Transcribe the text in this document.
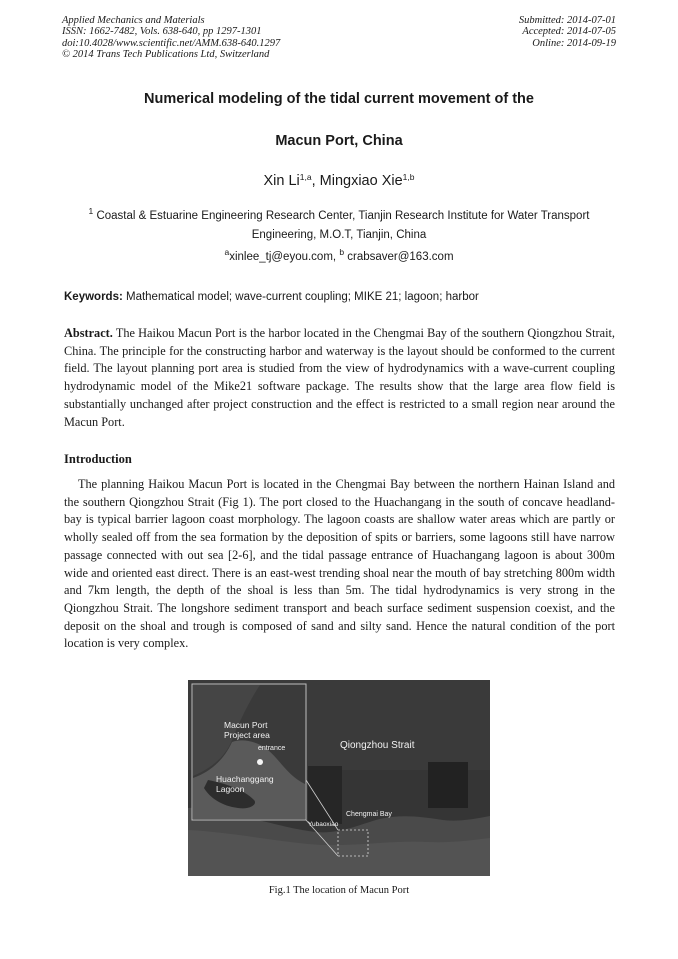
Applied Mechanics and Materials
ISSN: 1662-7482, Vols. 638-640, pp 1297-1301
doi:10.4028/www.scientific.net/AMM.638-640.1297
© 2014 Trans Tech Publications Ltd, Switzerland
Submitted: 2014-07-01
Accepted: 2014-07-05
Online: 2014-09-19
Numerical modeling of the tidal current movement of the
Macun Port, China
Xin Li$^{1,a}$, Mingxiao Xie$^{1,b}$
$^1$ Coastal & Estuarine Engineering Research Center, Tianjin Research Institute for Water Transport Engineering, M.O.T, Tianjin, China
$^a$xinlee_tj@eyou.com, $^b$ crabsaver@163.com
Keywords: Mathematical model; wave-current coupling; MIKE 21; lagoon; harbor
Abstract. The Haikou Macun Port is the harbor located in the Chengmai Bay of the southern Qiongzhou Strait, China. The principle for the constructing harbor and waterway is the layout should be conformed to the current field. The layout planning port area is studied from the view of hydrodynamics with a wave-current coupling hydrodynamic model of the Mike21 software package. The results show that the large area flow field is substantially unchanged after project construction and the effect is restricted to a small region near around the Macun Port.
Introduction
The planning Haikou Macun Port is located in the Chengmai Bay between the northern Hainan Island and the southern Qiongzhou Strait (Fig 1). The port closed to the Huachangang in the south of concave headland-bay is typical barrier lagoon coast morphology. The lagoon coasts are shallow water areas which are partly or wholly sealed off from the sea formation by the deposition of spits or barriers, some lagoons still have narrow passage connected with out sea [2-6], and the tidal passage entrance of Huachangang lagoon is about 300m wide and oriented east direct. There is an east-west trending shoal near the mouth of bay stretching 800m width and 7km length, the depth of the shoal is less than 5m. The tidal hydrodynamics is very strong in the Qiongzhou Strait. The longshore sediment transport and beach surface sediment suspension coexist, and the deposit on the shoal and trough is composed of sand and silty sand. Hence the natural condition of the port location is very complex.
Macun Port
Project area
entrance
Huachanggang
Lagoon
Qiongzhou Strait
Chengmai Bay
Yubaoxiao
Fig.1 The location of Macun Port
